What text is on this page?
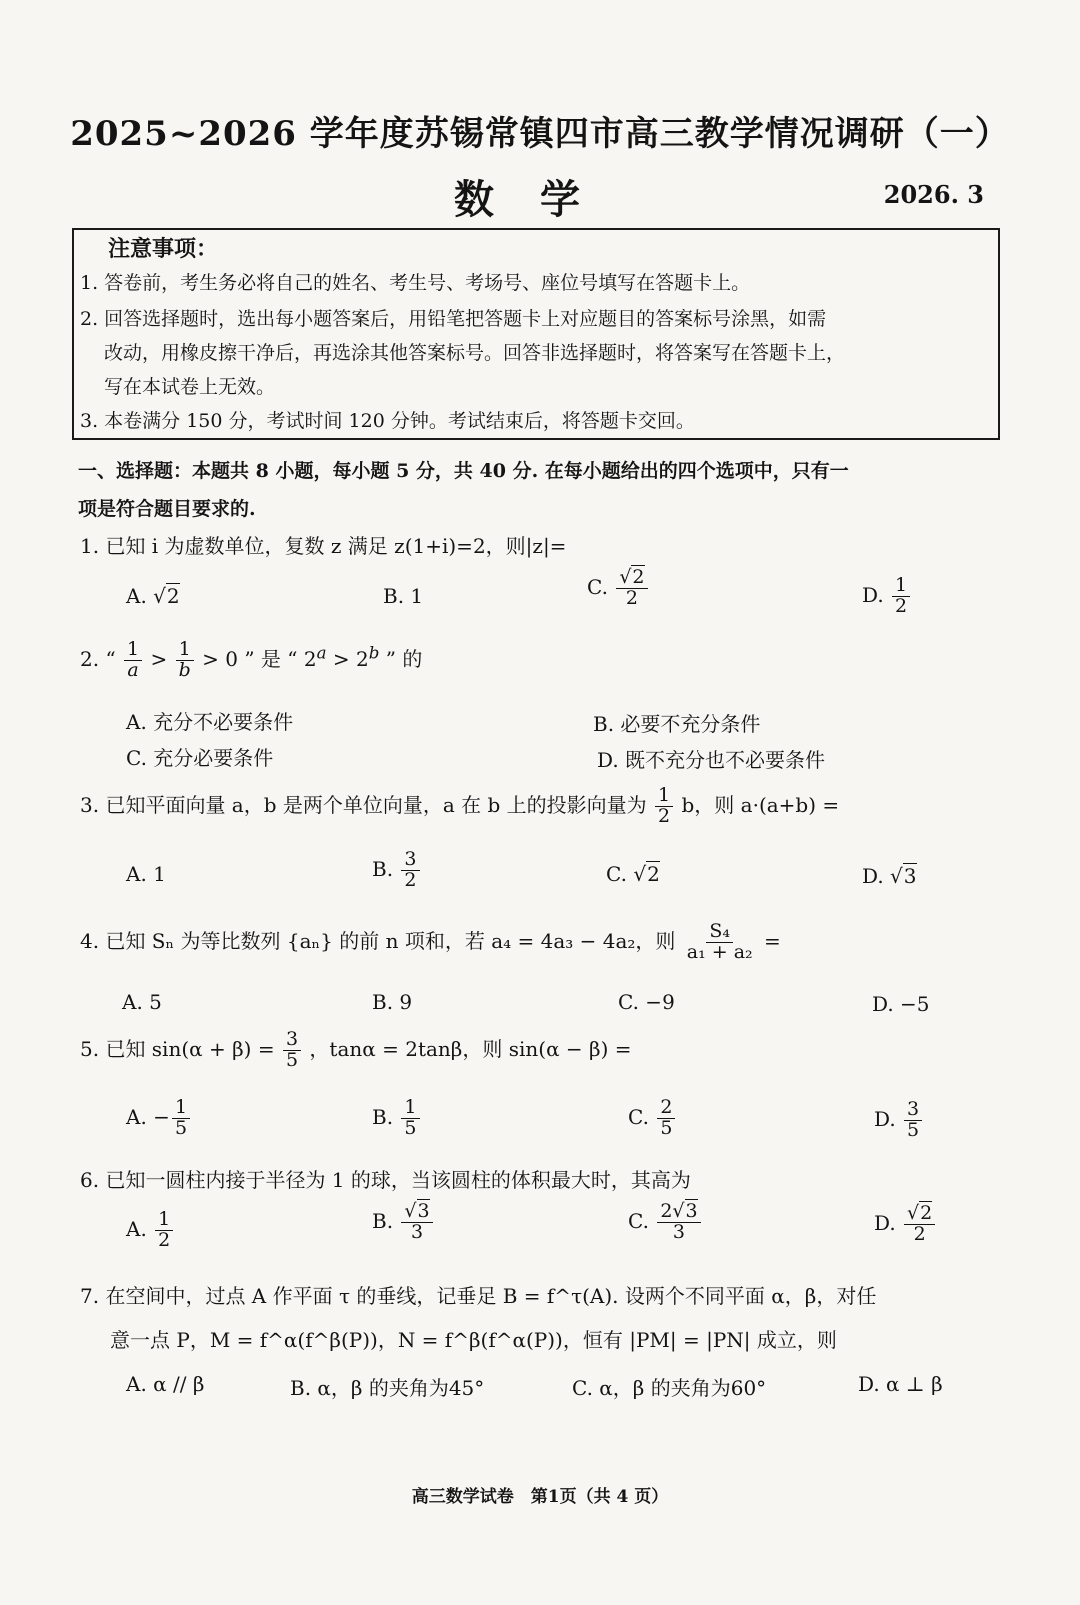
2025~2026 学年度苏锡常镇四市高三教学情况调研（一）
数学	2026. 3
注意事项：
1. 答卷前，考生务必将自己的姓名、考生号、考场号、座位号填写在答题卡上。
2. 回答选择题时，选出每小题答案后，用铅笔把答题卡上对应题目的答案标号涂黑，如需
改动，用橡皮擦干净后，再选涂其他答案标号。回答非选择题时，将答案写在答题卡上，
写在本试卷上无效。
3. 本卷满分 150 分，考试时间 120 分钟。考试结束后，将答题卡交回。
一、选择题：本题共 8 小题，每小题 5 分，共 40 分. 在每小题给出的四个选项中，只有一
项是符合题目要求的.
1. 已知 i 为虚数单位，复数 z 满足 z(1+i)=2，则|z|=
A. √2	B. 1	C. $\frac{√2}{2}$	D. $\frac{1}{2}$
2. “ $\frac{1}{a} > \frac{1}{b} > 0$ ” 是 “ $2^a > 2^b$ ” 的
A. 充分不必要条件	B. 必要不充分条件
C. 充分必要条件	D. 既不充分也不必要条件
3. 已知平面向量 a，b 是两个单位向量，a 在 b 上的投影向量为 $\frac{1}{2}$ b，则 a·(a+b) =
A. 1	B. $\frac{3}{2}$	C. √2	D. √3
4. 已知 Sₙ 为等比数列 {aₙ} 的前 n 项和，若 a₄ = 4a₃ − 4a₂，则 $\frac{\text{S₄}}{\text{a₁ + a₂}}$ =
A. 5	B. 9	C. −9	D. −5
5. 已知 $\sin(\alpha + \beta) = \frac{3}{5}$ ，tanα = 2tanβ，则 sin(α − β) =
A. − $\frac{1}{5}$	B. $\frac{1}{5}$	C. $\frac{2}{5}$	D. $\frac{3}{5}$
6. 已知一圆柱内接于半径为 1 的球，当该圆柱的体积最大时，其高为
A. $\frac{1}{2}$	B. $\frac{√3}{3}$	C. $\frac{2√3}{3}$	D. $\frac{√2}{2}$
7. 在空间中，过点 A 作平面 τ 的垂线，记垂足 B = f^τ(A). 设两个不同平面 α，β，对任
意一点 P，M = f^α(f^β(P))，N = f^β(f^α(P))，恒有 |PM| = |PN| 成立，则
A. α // β	B. α，β 的夹角为45°	C. α，β 的夹角为60°	D. α ⊥ β
高三数学试卷　第1页（共 4 页）
